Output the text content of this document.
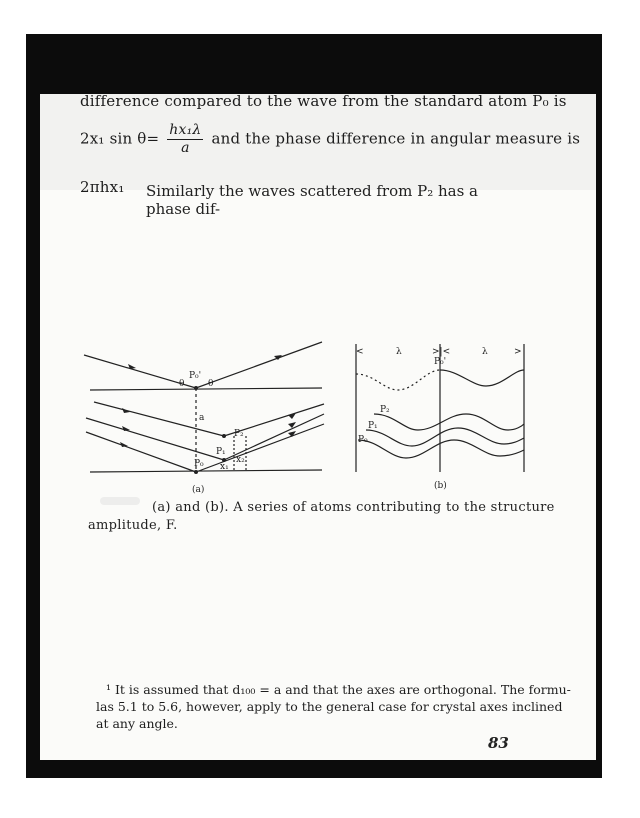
difference compared to the wave from the standard atom P₀ is
2x₁ $\sin \theta= \frac{\text{hx₁λ}}{a}$ and the phase difference in angular measure is
2πhx₁ Similarly the waves scattered from P₂ has a phase dif-
P₀'
θ	θ
a
P₂
P₁
P₀ x₁
x₂
(a)
<	λ	>|<	λ	>
P₀'
P₂
P₁
P₀
(b)
(a) and (b). A series of atoms contributing to the structure
amplitude, F.
¹ It is assumed that d₁₀₀ = a and that the axes are orthogonal. The formu-
las 5.1 to 5.6, however, apply to the general case for crystal axes inclined
at any angle.
83
